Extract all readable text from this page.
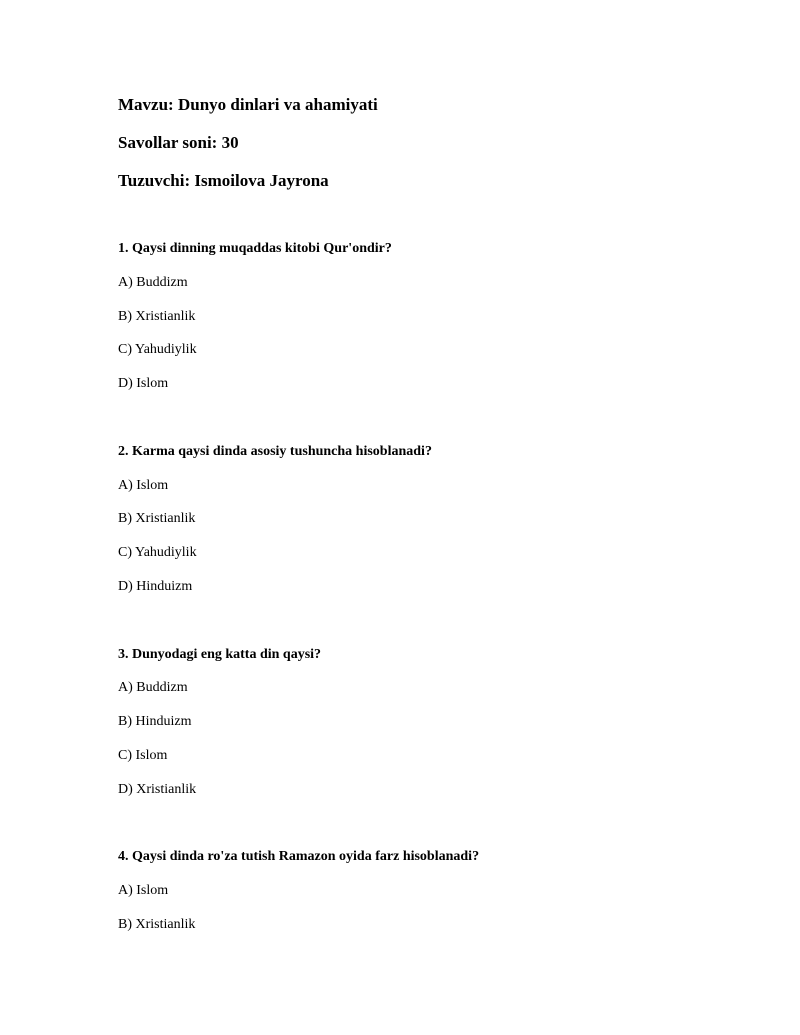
Mavzu: Dunyo dinlari va ahamiyati
Savollar soni: 30
Tuzuvchi: Ismoilova Jayrona
1. Qaysi dinning muqaddas kitobi Qur'ondir?
A) Buddizm
B) Xristianlik
C) Yahudiylik
D) Islom
2. Karma qaysi dinda asosiy tushuncha hisoblanadi?
A) Islom
B) Xristianlik
C) Yahudiylik
D) Hinduizm
3. Dunyodagi eng katta din qaysi?
A) Buddizm
B) Hinduizm
C) Islom
D) Xristianlik
4. Qaysi dinda ro'za tutish Ramazon oyida farz hisoblanadi?
A) Islom
B) Xristianlik
